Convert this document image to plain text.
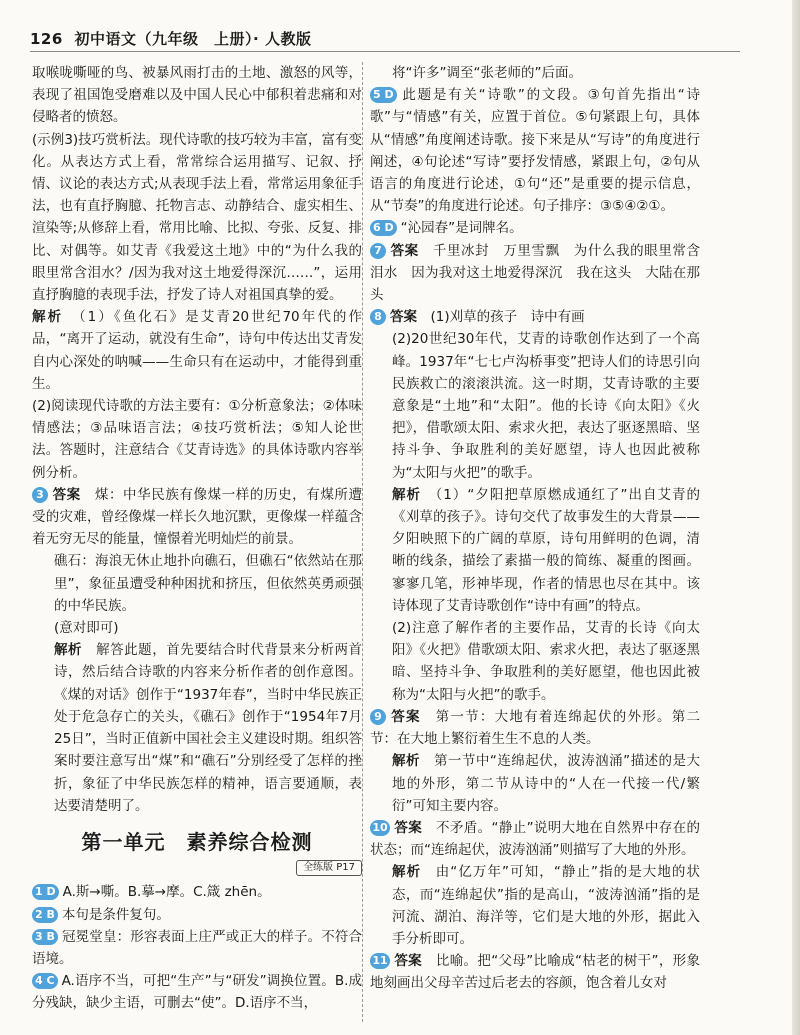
126 初中语文（九年级　上册）· 人教版

取喉咙嘶哑的鸟、被暴风雨打击的土地、激怒的风等，表现了祖国饱受磨难以及中国人民心中郁积着悲痛和对侵略者的愤怒。

(示例3)技巧赏析法。现代诗歌的技巧较为丰富，富有变化。从表达方式上看，常常综合运用描写、记叙、抒情、议论的表达方式;从表现手法上看，常常运用象征手法，也有直抒胸臆、托物言志、动静结合、虚实相生、渲染等;从修辞上看，常用比喻、比拟、夸张、反复、排比、对偶等。如艾青《我爱这土地》中的“为什么我的眼里常含泪水？/因为我对这土地爱得深沉……”，运用直抒胸臆的表现手法，抒发了诗人对祖国真挚的爱。

解析　 （1）《鱼化石》是艾青20世纪70年代的作品，“离开了运动，就没有生命”，诗句中传达出艾青发自内心深处的呐喊——生命只有在运动中，才能得到重生。

(2)阅读现代诗歌的方法主要有：①分析意象法；②体味情感法；③品味语言法；④技巧赏析法；⑤知人论世法。答题时，注意结合《艾青诗选》的具体诗歌内容举例分析。

3 答案　 煤：中华民族有像煤一样的历史，有煤所遭受的灾难，曾经像煤一样长久地沉默，更像煤一样蕴含着无穷无尽的能量，憧憬着光明灿烂的前景。

礁石：海浪无休止地扑向礁石，但礁石“依然站在那里”，象征虽遭受种种困扰和挤压，但依然英勇顽强的中华民族。

(意对即可)

解析　 解答此题，首先要结合时代背景来分析两首诗，然后结合诗歌的内容来分析作者的创作意图。《煤的对话》创作于“1937年春”，当时中华民族正处于危急存亡的关头，《礁石》创作于“1954年7月25日”，当时正值新中国社会主义建设时期。组织答案时要注意写出“煤”和“礁石”分别经受了怎样的挫折，象征了中华民族怎样的精神，语言要通顺，表达要清楚明了。

第一单元　素养综合检测
全练版 P17

1 D A.斯→嘶。B.摹→摩。C.箴 zhēn。

2 B 本句是条件复句。

3 B 冠冕堂皇：形容表面上庄严或正大的样子。不符合语境。

4 C A.语序不当，可把“生产”与“研发”调换位置。B.成分残缺，缺少主语，可删去“使”。D.语序不当，

将“许多”调至“张老师的”后面。

5 D 此题是有关“诗歌”的文段。③句首先指出“诗歌”与“情感”有关，应置于首位。⑤句紧跟上句，具体从“情感”角度阐述诗歌。接下来是从“写诗”的角度进行阐述，④句论述“写诗”要抒发情感，紧跟上句，②句从语言的角度进行论述，①句“还”是重要的提示信息，从“节奏”的角度进行论述。句子排序：③⑤④②①。

6 D “沁园春”是词牌名。

7 答案　 千里冰封　万里雪飘　为什么我的眼里常含泪水　因为我对这土地爱得深沉　我在这头　大陆在那头

8 答案　 (1)刈草的孩子　诗中有画

(2)20世纪30年代，艾青的诗歌创作达到了一个高峰。1937年“七七卢沟桥事变”把诗人们的诗思引向民族救亡的滚滚洪流。这一时期，艾青诗歌的主要意象是“土地”和“太阳”。他的长诗《向太阳》《火把》，借歌颂太阳、索求火把，表达了驱逐黑暗、坚持斗争、争取胜利的美好愿望，诗人也因此被称为“太阳与火把”的歌手。

解析　 （1）“夕阳把草原燃成通红了”出自艾青的《刈草的孩子》。诗句交代了故事发生的大背景——夕阳映照下的广阔的草原，诗句用鲜明的色调，清晰的线条，描绘了素描一般的简练、凝重的图画。寥寥几笔，形神毕现，作者的情思也尽在其中。该诗体现了艾青诗歌创作“诗中有画”的特点。

(2)注意了解作者的主要作品，艾青的长诗《向太阳》《火把》借歌颂太阳、索求火把，表达了驱逐黑暗、坚持斗争、争取胜利的美好愿望，他也因此被称为“太阳与火把”的歌手。

9 答案　 第一节：大地有着连绵起伏的外形。第二节：在大地上繁衍着生生不息的人类。

解析　 第一节中“连绵起伏，波涛汹涌”描述的是大地的外形，第二节从诗中的“人在一代接一代/繁衍”可知主要内容。

10 答案　 不矛盾。“静止”说明大地在自然界中存在的状态；而“连绵起伏，波涛汹涌”则描写了大地的外形。

解析　 由“亿万年”可知，“静止”指的是大地的状态，而“连绵起伏”指的是高山，“波涛汹涌”指的是河流、湖泊、海洋等，它们是大地的外形，据此入手分析即可。

11 答案　 比喻。把“父母”比喻成“枯老的树干”，形象地刻画出父母辛苦过后老去的容颜，饱含着儿女对
